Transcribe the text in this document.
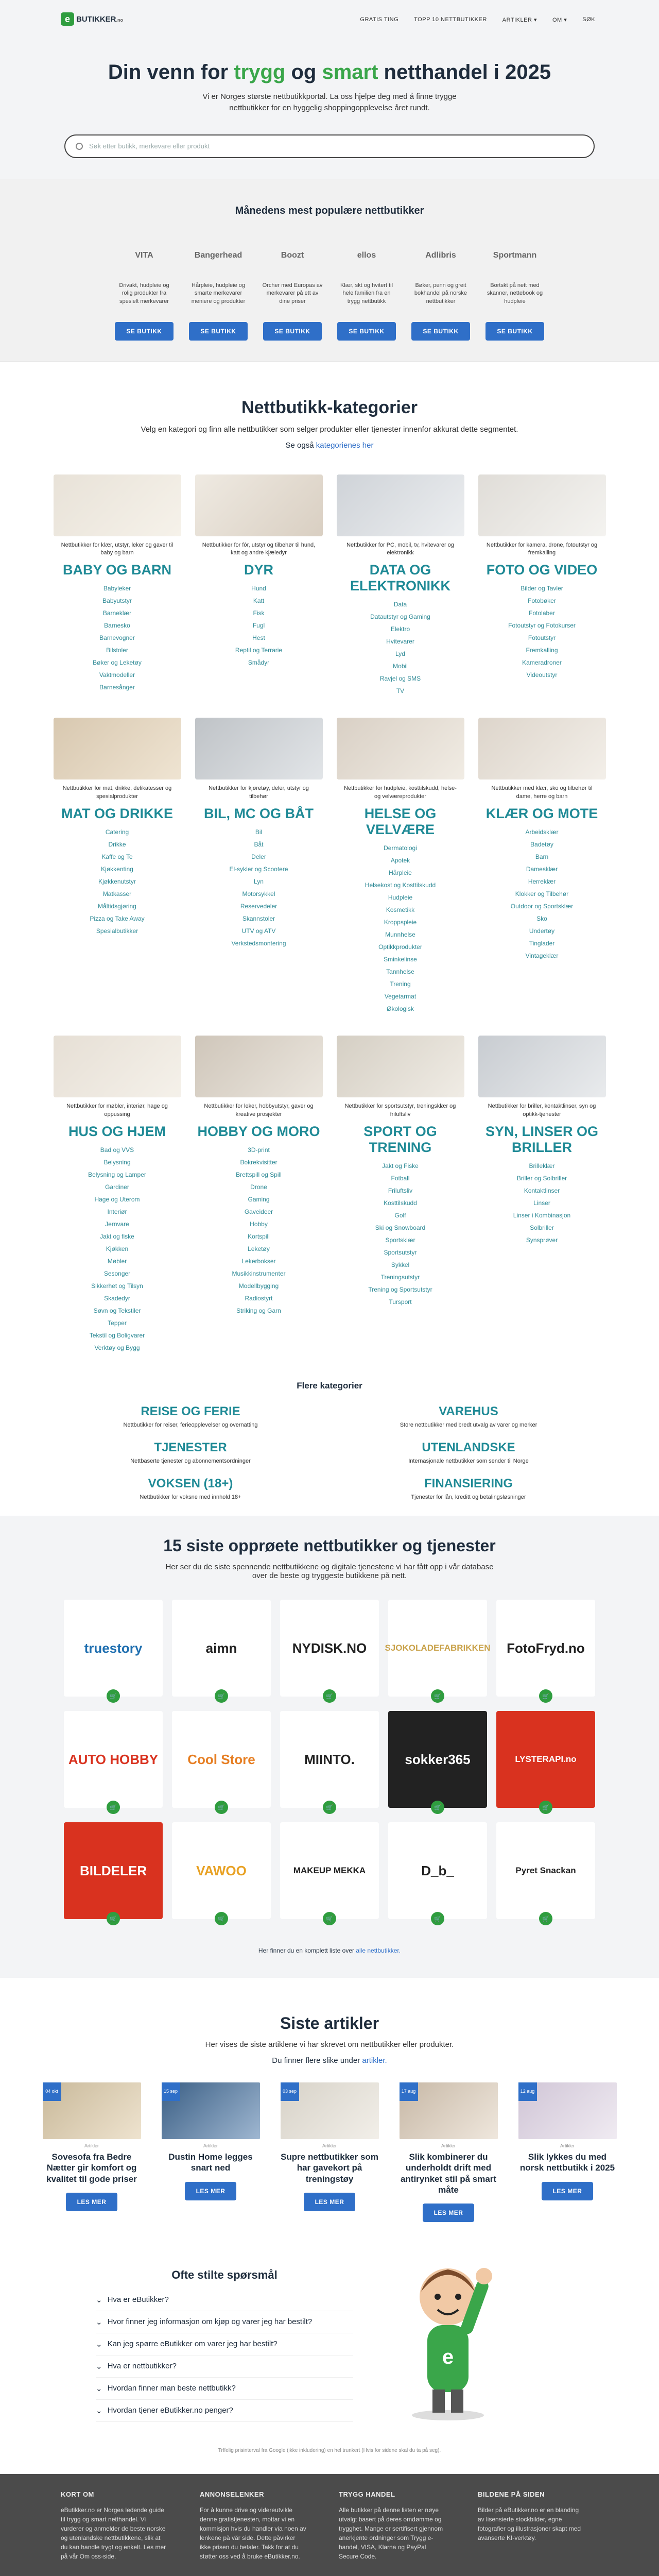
e BUTIKKER.no	GRATIS TING	TOPP 10 NETTBUTIKKER	ARTIKLER ▾	OM ▾	SØK
Din venn for trygg og smart netthandel i 2025

Vi er Norges største nettbutikkportal. La oss hjelpe deg med å finne trygge nettbutikker for en hyggelig shoppingopplevelse året rundt.

Søk etter butikk, merkevare eller produkt
Månedens mest populære nettbutikker
VITA
Drivakt, hudpleie og rolig produkter fra spesielt merkevarer
SE BUTIKK
Bangerhead
Hårpleie, hudpleie og smarte merkevarer meniere og produkter
SE BUTIKK
Boozt
Orcher med Europas av merkevarer på ett av dine priser
SE BUTIKK
ellos
Klær, skt og hvitert til hele familien fra en trygg nettbutikk
SE BUTIKK
Adlibris
Bøker, penn og greit bokhandel på norske nettbutikker
SE BUTIKK
Sportmann
Bortskt på nett med skanner, nettebook og hudpleie
SE BUTIKK
Nettbutikk-kategorier
Velg en kategori og finn alle nettbutikker som selger produkter eller tjenester innenfor akkurat dette segmentet.
Se også kategorienes her
Nettbutikker for klær, utstyr, leker og gaver til baby og barn
BABY OG BARN
Babyleker
Babyutstyr
Barneklær
Barnesko
Barnevogner
Bilstoler
Bøker og Leketøy
Vaktmodeller
Barnesånger
Nettbutikker for fór, utstyr og tilbehør til hund, katt og andre kjæledyr
DYR
Hund
Katt
Fisk
Fugl
Hest
Reptil og Terrarie
Smådyr
Nettbutikker for PC, mobil, tv, hvitevarer og elektronikk
DATA OG ELEKTRONIKK
Data
Datautstyr og Gaming
Elektro
Hvitevarer
Lyd
Mobil
Ravjel og SMS
TV
Nettbutikker for kamera, drone, fotoutstyr og fremkalling
FOTO OG VIDEO
Bilder og Tavler
Fotobøker
Fotolaber
Fotoutstyr og Fotokurser
Fotoutstyr
Fremkalling
Kameradroner
Videoutstyr
Nettbutikker for mat, drikke, delikatesser og spesialprodukter
MAT OG DRIKKE
Catering
Drikke
Kaffe og Te
Kjøkkenting
Kjøkkenutstyr
Matkasser
Måltidsgjøring
Pizza og Take Away
Spesialbutikker
Nettbutikker for kjøretøy, deler, utstyr og tilbehør
BIL, MC OG BÅT
Bil
Båt
Deler
El-sykler og Scootere
Lyn
Motorsykkel
Reservedeler
Skannstoler
UTV og ATV
Verkstedsmontering
Nettbutikker for hudpleie, kosttilskudd, helse- og velværeprodukter
HELSE OG VELVÆRE
Dermatologi
Apotek
Hårpleie
Helsekost og Kosttilskudd
Hudpleie
Kosmetikk
Kroppspleie
Munnhelse
Optikkprodukter
Sminkelinse
Tannhelse
Trening
Vegetarmat
Økologisk
Nettbutikker med klær, sko og tilbehør til dame, herre og barn
KLÆR OG MOTE
Arbeidsklær
Badetøy
Barn
Damesklær
Herreklær
Klokker og Tilbehør
Outdoor og Sportsklær
Sko
Undertøy
Tinglader
Vintageklær
Nettbutikker for møbler, interiør, hage og oppussing
HUS OG HJEM
Bad og VVS
Belysning
Belysning og Lamper
Gardiner
Hage og Uterom
Interiør
Jernvare
Jakt og fiske
Kjøkken
Møbler
Sesonger
Sikkerhet og Tilsyn
Skadedyr
Søvn og Tekstiler
Tepper
Tekstil og Boligvarer
Verktøy og Bygg
Nettbutikker for leker, hobbyutstyr, gaver og kreative prosjekter
HOBBY OG MORO
3D-print
Bokrekvisitter
Brettspill og Spill
Drone
Gaming
Gaveideer
Hobby
Kortspill
Leketøy
Lekerbokser
Musikkinstrumenter
Modellbygging
Radiostyrt
Striking og Garn
Nettbutikker for sportsutstyr, treningsklær og friluftsliv
SPORT OG TRENING
Jakt og Fiske
Fotball
Friluftsliv
Kosttilskudd
Golf
Ski og Snowboard
Sportsklær
Sportsutstyr
Sykkel
Treningsutstyr
Trening og Sportsutstyr
Tursport
Nettbutikker for briller, kontaktlinser, syn og optikk-tjenester
SYN, LINSER OG BRILLER
Brilleklær
Briller og Solbriller
Kontaktlinser
Linser
Linser i Kombinasjon
Solbriller
Synsprøver
Flere kategorier
REISE OG FERIE
Nettbutikker for reiser, ferieopplevelser og overnatting
VAREHUS
Store nettbutikker med bredt utvalg av varer og merker
TJENESTER
Nettbaserte tjenester og abonnementsordninger
UTENLANDSKE
Internasjonale nettbutikker som sender til Norge
VOKSEN (18+)
Nettbutikker for voksne med innhold 18+
FINANSIERING
Tjenester for lån, kreditt og betalingsløsninger
15 siste opprøete nettbutikker og tjenester
Her ser du de siste spennende nettbutikkene og digitale tjenestene vi har fått opp i vår database over de beste og tryggeste butikkene på nett.
truestory
🛒
aimn
🛒
NYDISK.NO
🛒
SJOKOLADEFABRIKKEN
🛒
FotoFryd.no
🛒
AUTO HOBBY
🛒
Cool Store
🛒
MIINTO.
🛒
sokker365
🛒
LYSTERAPI.no
🛒
BILDELER
🛒
VAWOO
🛒
MAKEUP MEKKA
🛒
D_b_
🛒
Pyret Snackan
🛒
Her finner du en komplett liste over alle nettbutikker.
Siste artikler
Her vises de siste artiklene vi har skrevet om nettbutikker eller produkter.
Du finner flere slike under artikler.
04 okt
Artikler
Sovesofa fra Bedre Nætter gir komfort og kvalitet til gode priser
LES MER
15 sep
Artikler
Dustin Home legges snart ned
LES MER
03 sep
Artikler
Supre nettbutikker som har gavekort på treningstøy
LES MER
17 aug
Artikler
Slik kombinerer du underholdt drift med antirynket stil på smart måte
LES MER
12 aug
Artikler
Slik lykkes du med norsk nettbutikk i 2025
LES MER
Ofte stilte spørsmål
⌄ Hva er eButikker?
⌄ Hvor finner jeg informasjon om kjøp og varer jeg har bestilt?
⌄ Kan jeg spørre eButikker om varer jeg har bestilt?
⌄ Hva er nettbutikker?
⌄ Hvordan finner man beste nettbutikk?
⌄ Hvordan tjener eButikker.no penger?
e
Trffelig prisinterval fra Google (ikke inkludering) en hel trunkert (Hvis for sidene skal du ta på seg).
KORT OM

eButikker.no er Norges ledende guide til trygg og smart netthandel. Vi vurderer og anmelder de beste norske og utenlandske nettbutikkene, slik at du kan handle trygt og enkelt. Les mer på vår Om oss-side.

ANNONSELENKER

For å kunne drive og videreutvikle denne gratistjenesten, mottar vi en kommisjon hvis du handler via noen av lenkene på vår side. Dette påvirker ikke prisen du betaler. Takk for at du støtter oss ved å bruke eButikker.no.

TRYGG HANDEL

Alle butikker på denne listen er nøye utvalgt basert på deres omdømme og trygghet. Mange er sertifisert gjennom anerkjente ordninger som Trygg e-handel, VISA, Klarna og PayPal Secure Code.

BILDENE PÅ SIDEN

Bilder på eButikker.no er en blanding av lisensierte stockbilder, egne fotografier og illustrasjoner skapt med avanserte KI-verktøy.
